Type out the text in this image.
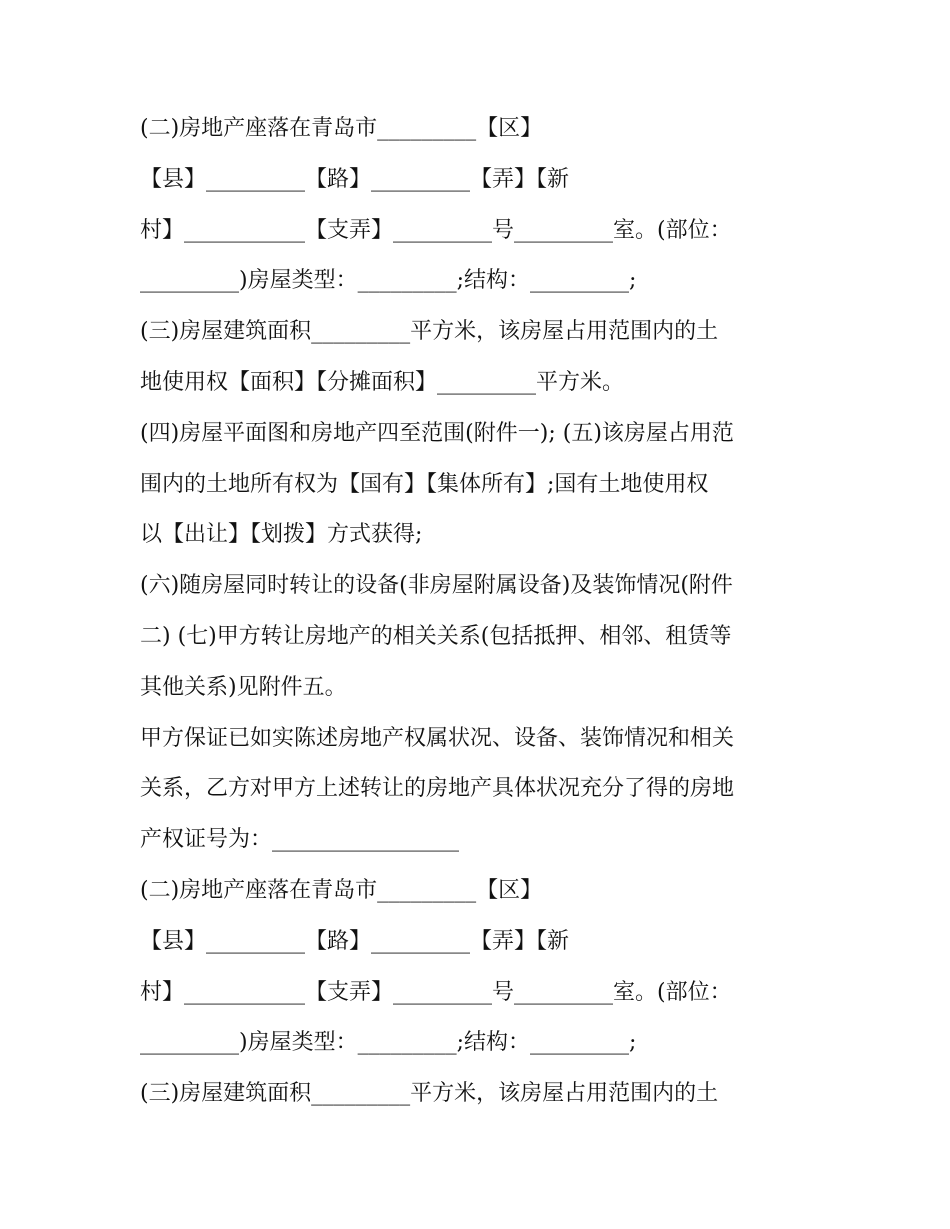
(二)房地产座落在青岛市_________【区】
【县】_________【路】_________【弄】【新
村】___________【支弄】_________号_________室。(部位：
_________)房屋类型：_________;结构：_________;
(三)房屋建筑面积_________平方米，该房屋占用范围内的土
地使用权【面积】【分摊面积】_________平方米。
(四)房屋平面图和房地产四至范围(附件一); (五)该房屋占用范
围内的土地所有权为【国有】【集体所有】;国有土地使用权
以【出让】【划拨】方式获得;
(六)随房屋同时转让的设备(非房屋附属设备)及装饰情况(附件
二) (七)甲方转让房地产的相关关系(包括抵押、相邻、租赁等
其他关系)见附件五。
甲方保证已如实陈述房地产权属状况、设备、装饰情况和相关
关系，乙方对甲方上述转让的房地产具体状况充分了得的房地
产权证号为：_________________
(二)房地产座落在青岛市_________【区】
【县】_________【路】_________【弄】【新
村】___________【支弄】_________号_________室。(部位：
_________)房屋类型：_________;结构：_________;
(三)房屋建筑面积_________平方米，该房屋占用范围内的土
